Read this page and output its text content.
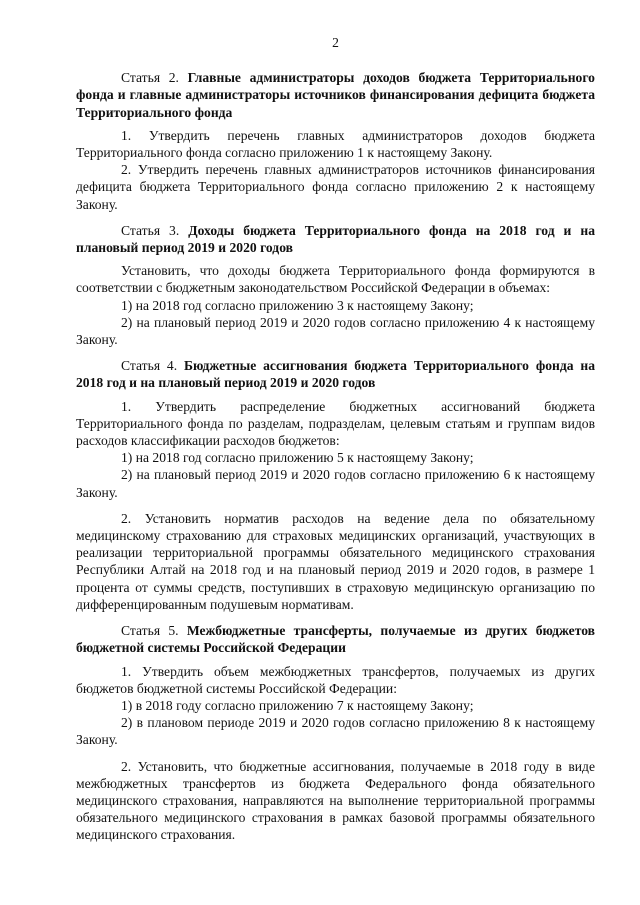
2
Статья 2. Главные администраторы доходов бюджета Территориального фонда и главные администраторы источников финансирования дефицита бюджета Территориального фонда

1. Утвердить перечень главных администраторов доходов бюджета Территориального фонда согласно приложению 1 к настоящему Закону.

2. Утвердить перечень главных администраторов источников финансирования дефицита бюджета Территориального фонда согласно приложению 2 к настоящему Закону.

Статья 3. Доходы бюджета Территориального фонда на 2018 год и на плановый период 2019 и 2020 годов

Установить, что доходы бюджета Территориального фонда формируются в соответствии с бюджетным законодательством Российской Федерации в объемах:

1) на 2018 год согласно приложению 3 к настоящему Закону;

2) на плановый период 2019 и 2020 годов согласно приложению 4 к настоящему Закону.

Статья 4. Бюджетные ассигнования бюджета Территориального фонда на 2018 год и на плановый период 2019 и 2020 годов

1. Утвердить распределение бюджетных ассигнований бюджета Территориального фонда по разделам, подразделам, целевым статьям и группам видов расходов классификации расходов бюджетов:

1) на 2018 год согласно приложению 5 к настоящему Закону;

2) на плановый период 2019 и 2020 годов согласно приложению 6 к настоящему Закону.

2. Установить норматив расходов на ведение дела по обязательному медицинскому страхованию для страховых медицинских организаций, участвующих в реализации территориальной программы обязательного медицинского страхования Республики Алтай на 2018 год и на плановый период 2019 и 2020 годов, в размере 1 процента от суммы средств, поступивших в страховую медицинскую организацию по дифференцированным подушевым нормативам.

Статья 5. Межбюджетные трансферты, получаемые из других бюджетов бюджетной системы Российской Федерации

1. Утвердить объем межбюджетных трансфертов, получаемых из других бюджетов бюджетной системы Российской Федерации:

1) в 2018 году согласно приложению 7 к настоящему Закону;

2) в плановом периоде 2019 и 2020 годов согласно приложению 8 к настоящему Закону.

2. Установить, что бюджетные ассигнования, получаемые в 2018 году в виде межбюджетных трансфертов из бюджета Федерального фонда обязательного медицинского страхования, направляются на выполнение территориальной программы обязательного медицинского страхования в рамках базовой программы обязательного медицинского страхования.
